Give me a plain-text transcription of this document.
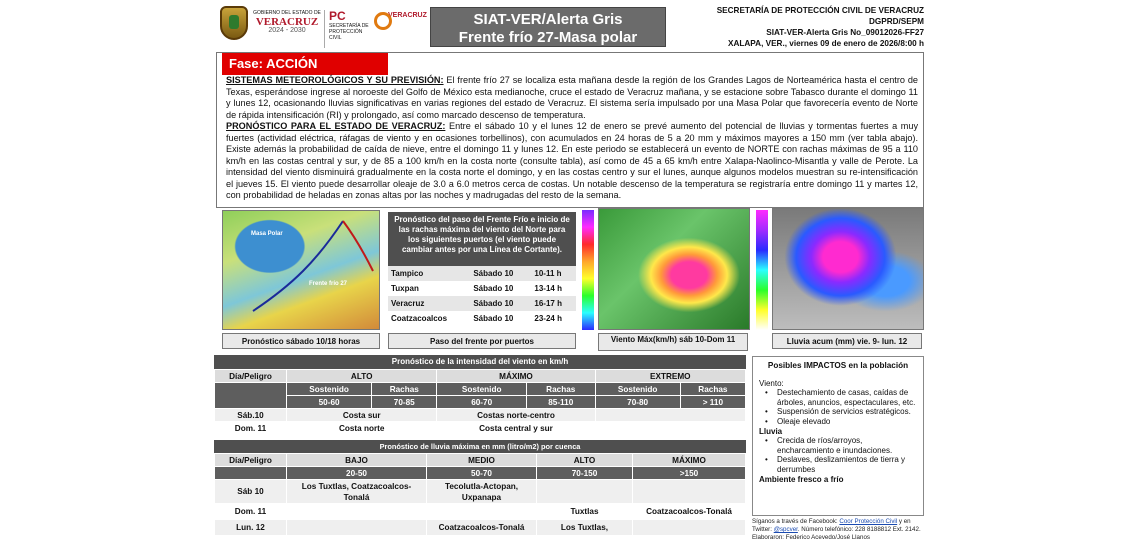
GOBIERNO DEL ESTADO DE
VERACRUZ
2024 - 2030
PC
SECRETARÍA DE PROTECCIÓN CIVIL
VERACRUZ	SIAT-VER/Alerta Gris
Frente frío 27-Masa polar
SECRETARÍA DE PROTECCIÓN CIVIL DE VERACRUZ
DGPRD/SEPM
SIAT-VER-Alerta Gris No_09012026-FF27
XALAPA, VER., viernes 09 de enero de 2026/8:00 h
Fase: ACCIÓN

SISTEMAS METEOROLÓGICOS Y SU PREVISIÓN: El frente frío 27 se localiza esta mañana desde la región de los Grandes Lagos de Norteamérica hasta el centro de Texas, esperándose ingrese al noroeste del Golfo de México esta medianoche, cruce el estado de Veracruz mañana, y se estacione sobre Tabasco durante el domingo 11 y lunes 12, ocasionando lluvias significativas en varias regiones del estado de Veracruz. El sistema sería impulsado por una Masa Polar que favorecería evento de Norte de rápida intensificación (RI) y prolongado, así como marcado descenso de temperatura.

PRONÓSTICO PARA EL ESTADO DE VERACRUZ: Entre el sábado 10 y el lunes 12 de enero se prevé aumento del potencial de lluvias y tormentas fuertes a muy fuertes (actividad eléctrica, ráfagas de viento y en ocasiones torbellinos), con acumulados en 24 horas de 5 a 20 mm y máximos mayores a 150 mm (ver tabla abajo). Existe además la probabilidad de caída de nieve, entre el domingo 11 y lunes 12. En este periodo se establecerá un evento de NORTE con rachas máximas de 95 a 110 km/h en las costas central y sur, y de 85 a 100 km/h en la costa norte (consulte tabla), así como de 45 a 65 km/h entre Xalapa-Naolinco-Misantla y valle de Perote. La intensidad del viento disminuirá gradualmente en la costa norte el domingo, y en las costas centro y sur el lunes, aunque algunos modelos muestran su re-intensificación el jueves 15. El viento puede desarrollar oleaje de 3.0 a 6.0 metros cerca de costas. Un notable descenso de la temperatura se registraría entre domingo 11 y martes 12, con probabilidad de heladas en zonas altas por las noches y madrugadas del resto de la semana.

Masa Polar
Frente frío 27
Pronóstico sábado 10/18 horas
Pronóstico del paso del Frente Frío e inicio de las rachas máxima del viento del Norte para los siguientes puertos (el viento puede cambiar antes por una Línea de Cortante).
Tampico	Sábado 10	10-11 h
Tuxpan	Sábado 10	13-14 h
Veracruz	Sábado 10	16-17 h
Coatzacoalcos	Sábado 10	23-24 h
Paso del frente por puertos	Viento Máx(km/h) sáb 10-Dom 11	Lluvia acum (mm) vie. 9- lun. 12
Pronóstico de la intensidad del viento en km/h
Día/Peligro	ALTO		MÁXIMO		EXTREMO	
	Sostenido	Rachas	Sostenido	Rachas	Sostenido	Rachas
	50-60	70-85	60-70	85-110	70-80	> 110
Sáb.10	Costa sur		Costas norte-centro			
Dom. 11	Costa norte		Costa central y sur			
Pronóstico de lluvia máxima en mm (litro/m2) por cuenca
Día/Peligro	BAJO	MEDIO	ALTO	MÁXIMO
	20-50	50-70	70-150	>150
Sáb 10	Los Tuxtlas, Coatzacoalcos-Tonalá	Tecolutla-Actopan, Uxpanapa		
Dom. 11			Tuxtlas	Coatzacoalcos-Tonalá
Lun. 12		Coatzacoalcos-Tonalá	Los Tuxtlas,	
Posibles IMPACTOS en la población
Viento:
• Destechamiento de casas, caídas de árboles, anuncios, espectaculares, etc.
• Suspensión de servicios estratégicos.
• Oleaje elevado
Lluvia
• Crecida de ríos/arroyos, encharcamiento e inundaciones.
• Deslaves, deslizamientos de tierra y derrumbes
Ambiente fresco a frío
Síganos a través de Facebook: Coor Protección Civil y en Twitter: @spcver. Número telefónico: 228 8188812 Ext. 2142. Elaboraron: Federico Acevedo/José Llanos
